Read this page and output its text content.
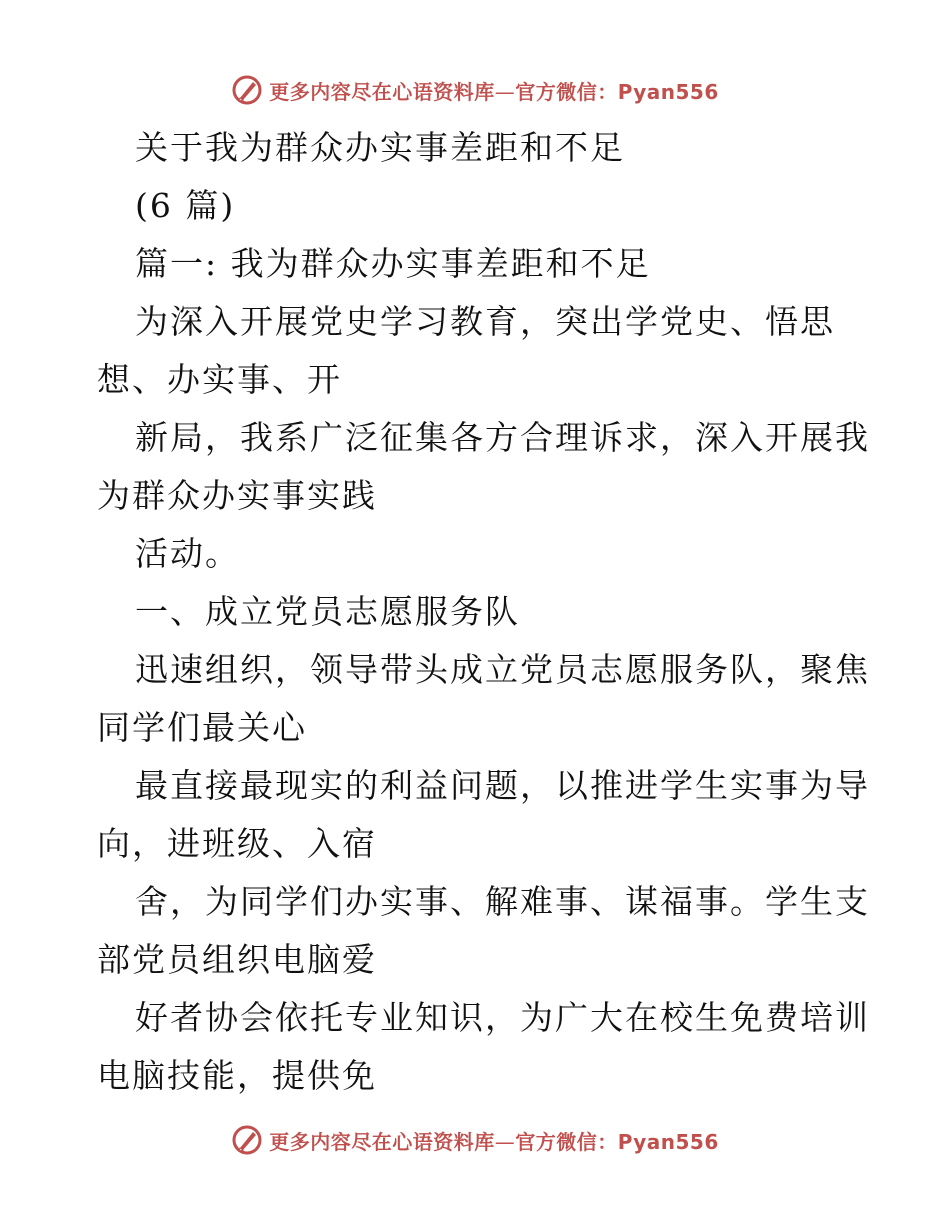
更多内容尽在心语资料库—官方微信：Pyan556
关于我为群众办实事差距和不足
(6 篇)
篇一: 我为群众办实事差距和不足
为深入开展党史学习教育，突出学党史、悟思
想、办实事、开
新局，我系广泛征集各方合理诉求，深入开展我
为群众办实事实践
活动。
一、成立党员志愿服务队
迅速组织，领导带头成立党员志愿服务队，聚焦
同学们最关心
最直接最现实的利益问题，以推进学生实事为导
向，进班级、入宿
舍，为同学们办实事、解难事、谋福事。学生支
部党员组织电脑爱
好者协会依托专业知识，为广大在校生免费培训
电脑技能，提供免
更多内容尽在心语资料库—官方微信：Pyan556
